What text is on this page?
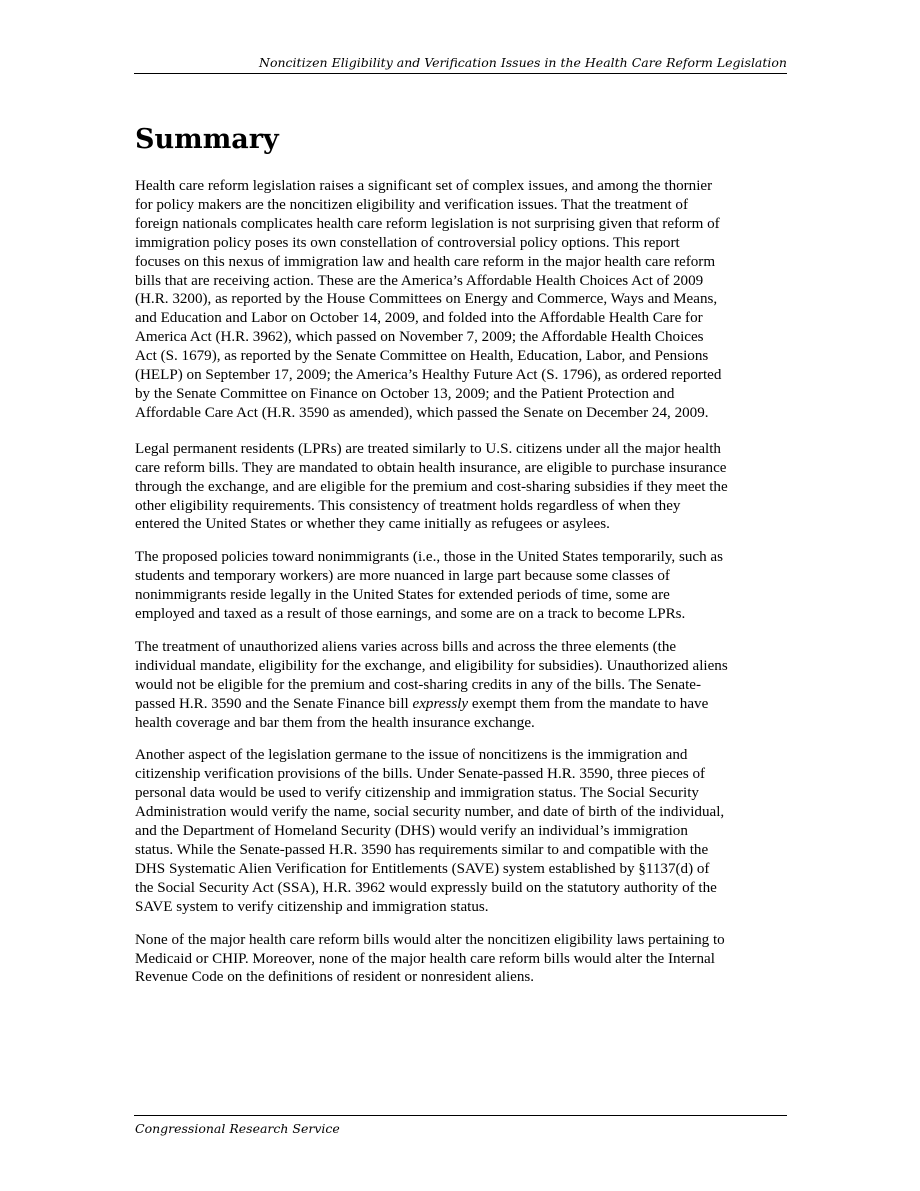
Noncitizen Eligibility and Verification Issues in the Health Care Reform Legislation
Summary

Health care reform legislation raises a significant set of complex issues, and among the thornier
for policy makers are the noncitizen eligibility and verification issues. That the treatment of
foreign nationals complicates health care reform legislation is not surprising given that reform of
immigration policy poses its own constellation of controversial policy options. This report
focuses on this nexus of immigration law and health care reform in the major health care reform
bills that are receiving action. These are the America’s Affordable Health Choices Act of 2009
(H.R. 3200), as reported by the House Committees on Energy and Commerce, Ways and Means,
and Education and Labor on October 14, 2009, and folded into the Affordable Health Care for
America Act (H.R. 3962), which passed on November 7, 2009; the Affordable Health Choices
Act (S. 1679), as reported by the Senate Committee on Health, Education, Labor, and Pensions
(HELP) on September 17, 2009; the America’s Healthy Future Act (S. 1796), as ordered reported
by the Senate Committee on Finance on October 13, 2009; and the Patient Protection and
Affordable Care Act (H.R. 3590 as amended), which passed the Senate on December 24, 2009.

Legal permanent residents (LPRs) are treated similarly to U.S. citizens under all the major health
care reform bills. They are mandated to obtain health insurance, are eligible to purchase insurance
through the exchange, and are eligible for the premium and cost-sharing subsidies if they meet the
other eligibility requirements. This consistency of treatment holds regardless of when they
entered the United States or whether they came initially as refugees or asylees.

The proposed policies toward nonimmigrants (i.e., those in the United States temporarily, such as
students and temporary workers) are more nuanced in large part because some classes of
nonimmigrants reside legally in the United States for extended periods of time, some are
employed and taxed as a result of those earnings, and some are on a track to become LPRs.

The treatment of unauthorized aliens varies across bills and across the three elements (the
individual mandate, eligibility for the exchange, and eligibility for subsidies). Unauthorized aliens
would not be eligible for the premium and cost-sharing credits in any of the bills. The Senate-
passed H.R. 3590 and the Senate Finance bill expressly exempt them from the mandate to have
health coverage and bar them from the health insurance exchange.

Another aspect of the legislation germane to the issue of noncitizens is the immigration and
citizenship verification provisions of the bills. Under Senate-passed H.R. 3590, three pieces of
personal data would be used to verify citizenship and immigration status. The Social Security
Administration would verify the name, social security number, and date of birth of the individual,
and the Department of Homeland Security (DHS) would verify an individual’s immigration
status. While the Senate-passed H.R. 3590 has requirements similar to and compatible with the
DHS Systematic Alien Verification for Entitlements (SAVE) system established by §1137(d) of
the Social Security Act (SSA), H.R. 3962 would expressly build on the statutory authority of the
SAVE system to verify citizenship and immigration status.

None of the major health care reform bills would alter the noncitizen eligibility laws pertaining to
Medicaid or CHIP. Moreover, none of the major health care reform bills would alter the Internal
Revenue Code on the definitions of resident or nonresident aliens.

Congressional Research Service
